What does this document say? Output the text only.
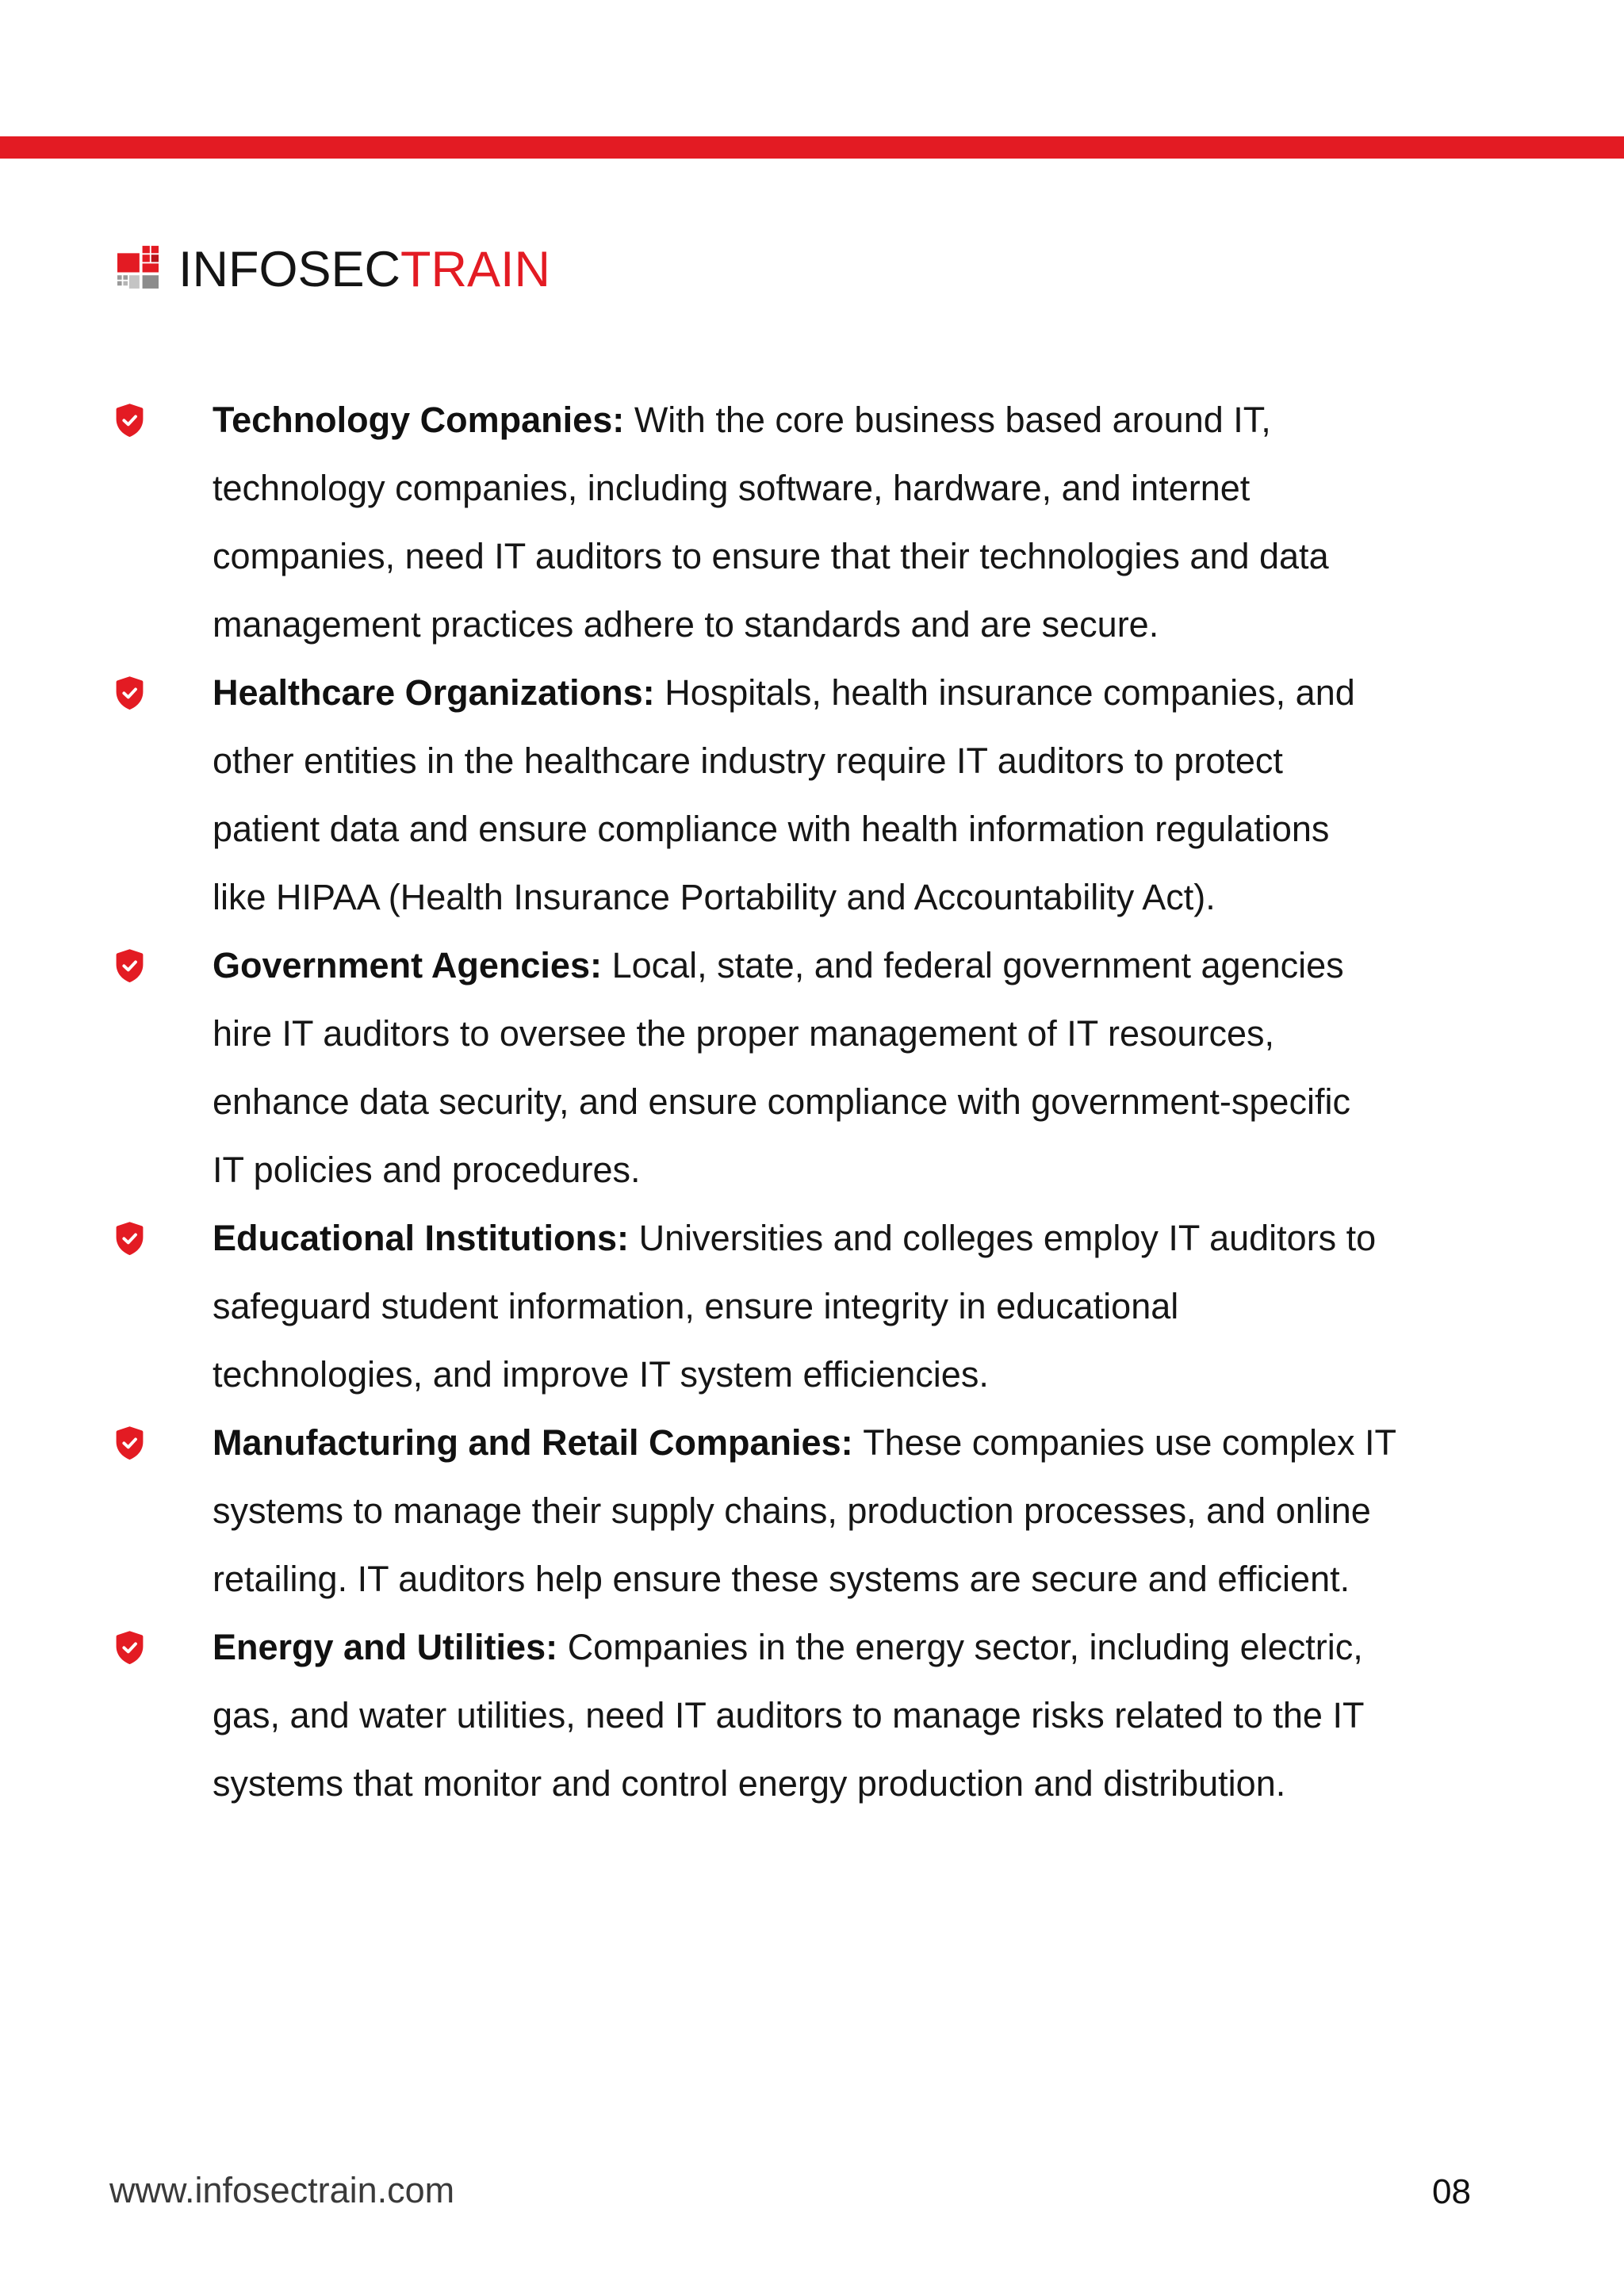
INFOSECTRAIN
Technology Companies: With the core business based around IT,
technology companies, including software, hardware, and internet
companies, need IT auditors to ensure that their technologies and data
management practices adhere to standards and are secure.
Healthcare Organizations: Hospitals, health insurance companies, and
other entities in the healthcare industry require IT auditors to protect
patient data and ensure compliance with health information regulations
like HIPAA (Health Insurance Portability and Accountability Act).
Government Agencies: Local, state, and federal government agencies
hire IT auditors to oversee the proper management of IT resources,
enhance data security, and ensure compliance with government-specific
IT policies and procedures.
Educational Institutions: Universities and colleges employ IT auditors to
safeguard student information, ensure integrity in educational
technologies, and improve IT system efficiencies.
Manufacturing and Retail Companies: These companies use complex IT
systems to manage their supply chains, production processes, and online
retailing. IT auditors help ensure these systems are secure and efficient.
Energy and Utilities: Companies in the energy sector, including electric,
gas, and water utilities, need IT auditors to manage risks related to the IT
systems that monitor and control energy production and distribution.
www.infosectrain.com	08
